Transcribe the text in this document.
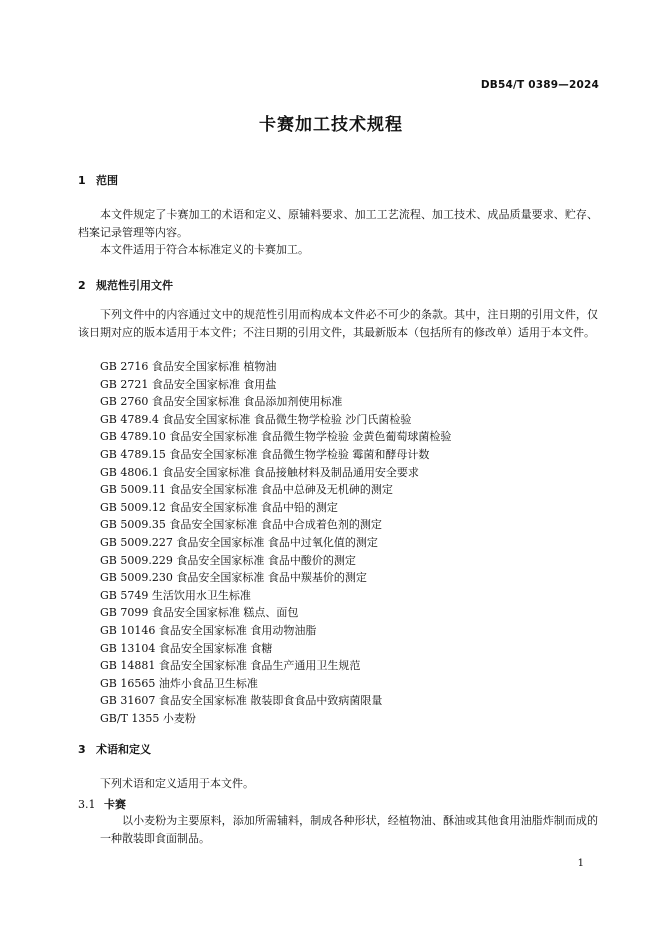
DB54/T 0389—2024
卡赛加工技术规程
1 范围
本文件规定了卡赛加工的术语和定义、原辅料要求、加工工艺流程、加工技术、成品质量要求、贮存、档案记录管理等内容。
本文件适用于符合本标准定义的卡赛加工。
2 规范性引用文件
下列文件中的内容通过文中的规范性引用而构成本文件必不可少的条款。其中，注日期的引用文件，仅该日期对应的版本适用于本文件；不注日期的引用文件，其最新版本（包括所有的修改单）适用于本文件。
GB 2716 食品安全国家标准 植物油
GB 2721 食品安全国家标准 食用盐
GB 2760 食品安全国家标准 食品添加剂使用标准
GB 4789.4 食品安全国家标准 食品微生物学检验 沙门氏菌检验
GB 4789.10 食品安全国家标准 食品微生物学检验 金黄色葡萄球菌检验
GB 4789.15 食品安全国家标准 食品微生物学检验 霉菌和酵母计数
GB 4806.1 食品安全国家标准 食品接触材料及制品通用安全要求
GB 5009.11 食品安全国家标准 食品中总砷及无机砷的测定
GB 5009.12 食品安全国家标准 食品中铅的测定
GB 5009.35 食品安全国家标准 食品中合成着色剂的测定
GB 5009.227 食品安全国家标准 食品中过氧化值的测定
GB 5009.229 食品安全国家标准 食品中酸价的测定
GB 5009.230 食品安全国家标准 食品中羰基价的测定
GB 5749 生活饮用水卫生标准
GB 7099 食品安全国家标准 糕点、面包
GB 10146 食品安全国家标准 食用动物油脂
GB 13104 食品安全国家标准 食糖
GB 14881 食品安全国家标准 食品生产通用卫生规范
GB 16565 油炸小食品卫生标准
GB 31607 食品安全国家标准 散装即食食品中致病菌限量
GB/T 1355 小麦粉
3 术语和定义
下列术语和定义适用于本文件。
3.1 卡赛
以小麦粉为主要原料，添加所需辅料，制成各种形状，经植物油、酥油或其他食用油脂炸制而成的一种散装即食面制品。
1
